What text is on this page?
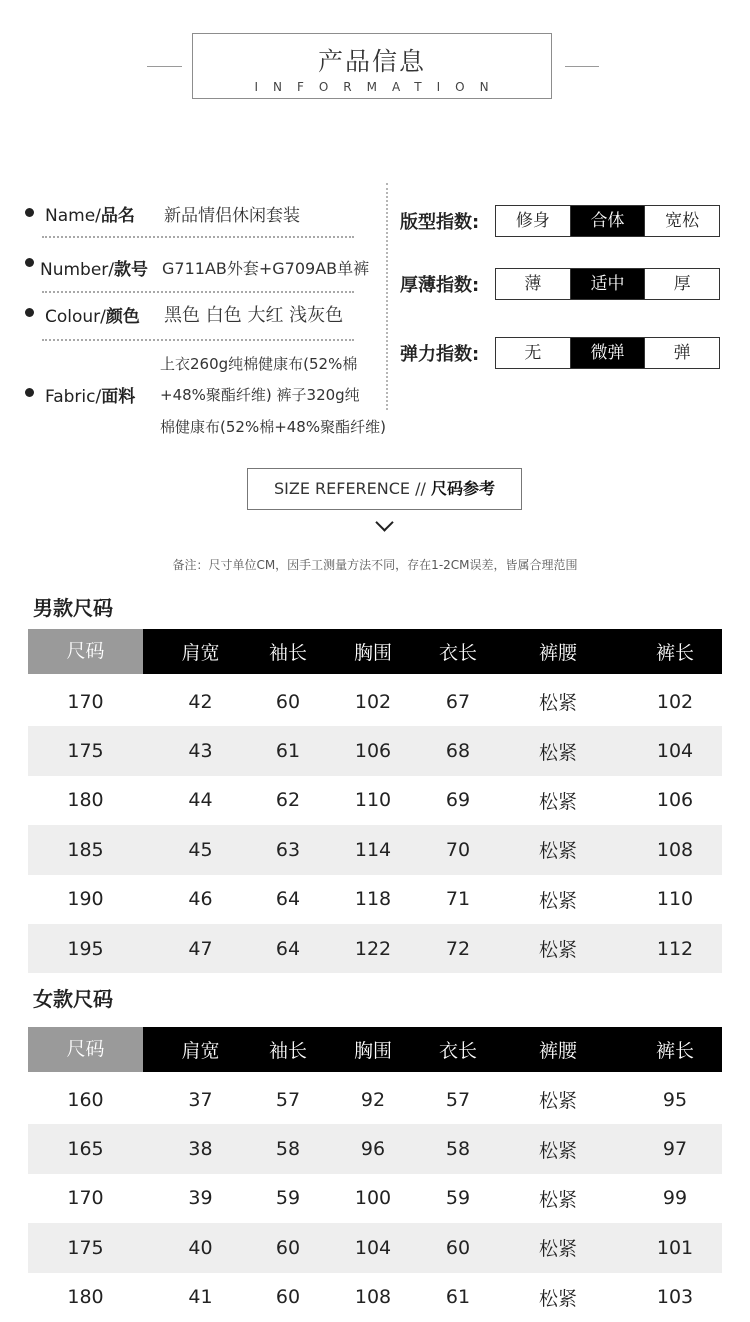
产品信息
INFORMATION
Name/品名 新品情侣休闲套装
Number/款号 G711AB外套+G709AB单裤
Colour/颜色 黑色 白色 大红 浅灰色
Fabric/面料
上衣260g纯棉健康布(52%棉
+48%聚酯纤维) 裤子320g纯
棉健康布(52%棉+48%聚酯纤维)
版型指数:	修身	合体	宽松
厚薄指数:	薄	适中	厚
弹力指数:	无	微弹	弹
SIZE REFERENCE // 尺码参考
备注：尺寸单位CM，因手工测量方法不同，存在1-2CM误差，皆属合理范围
男款尺码
尺码	肩宽	袖长	胸围	衣长	裤腰	裤长
170	42	60	102	67	松紧	102
175	43	61	106	68	松紧	104
180	44	62	110	69	松紧	106
185	45	63	114	70	松紧	108
190	46	64	118	71	松紧	110
195	47	64	122	72	松紧	112
女款尺码
尺码	肩宽	袖长	胸围	衣长	裤腰	裤长
160	37	57	92	57	松紧	95
165	38	58	96	58	松紧	97
170	39	59	100	59	松紧	99
175	40	60	104	60	松紧	101
180	41	60	108	61	松紧	103
